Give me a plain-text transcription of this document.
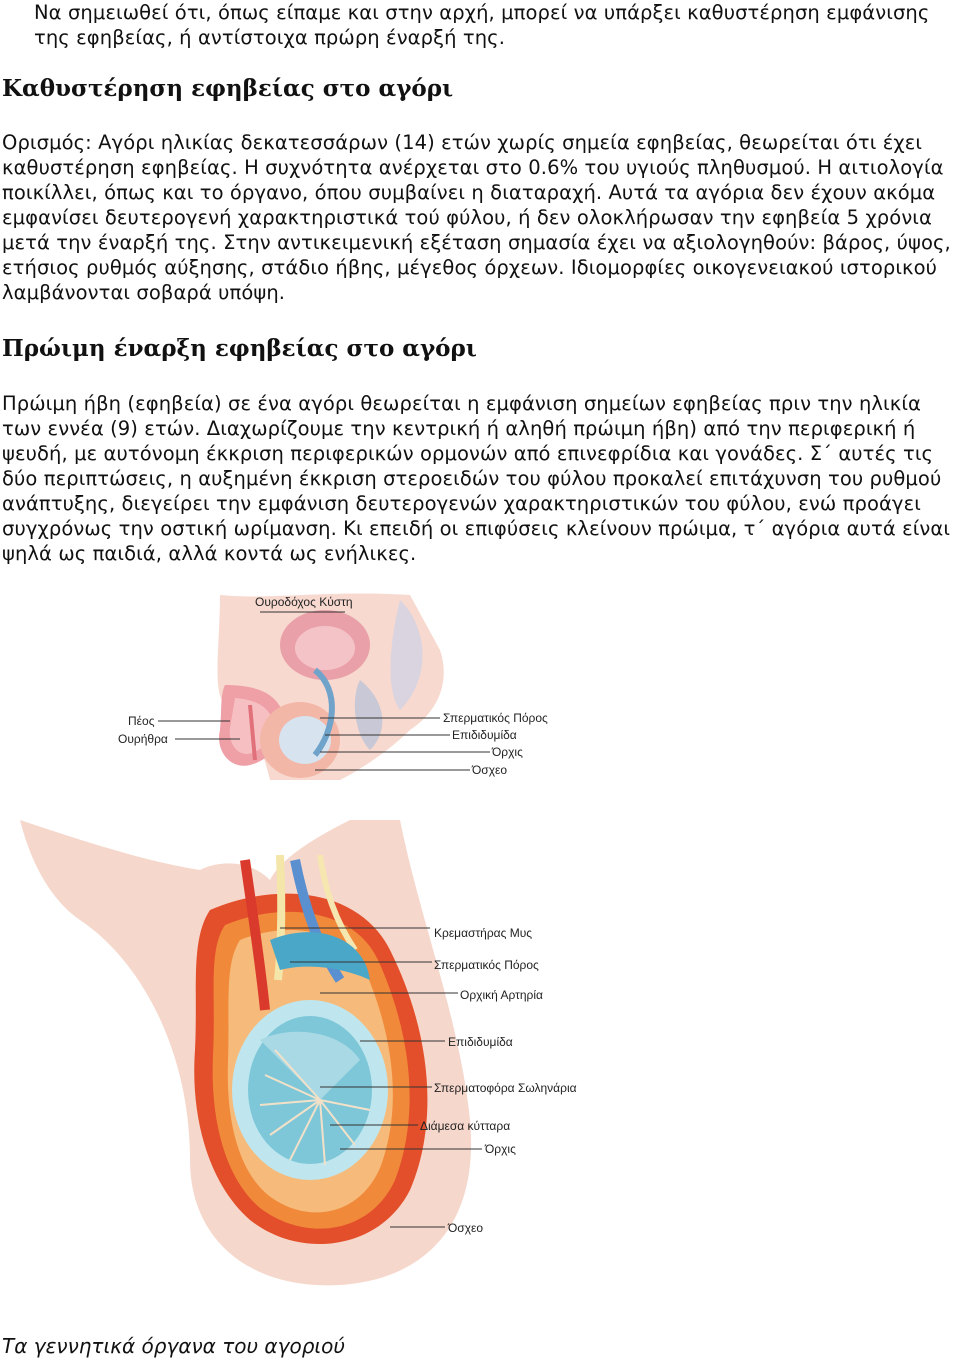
Να σημειωθεί ότι, όπως είπαμε και στην αρχή, μπορεί να υπάρξει καθυστέρηση εμφάνισης της εφηβείας, ή αντίστοιχα πρώρη έναρξή της.

Καθυστέρηση εφηβείας στο αγόρι

Ορισμός: Αγόρι ηλικίας δεκατεσσάρων (14) ετών χωρίς σημεία εφηβείας, θεωρείται ότι έχει καθυστέρηση εφηβείας. Η συχνότητα ανέρχεται στο 0.6% του υγιούς πληθυσμού. Η αιτιολογία ποικίλλει, όπως και το όργανο, όπου συμβαίνει η διαταραχή. Αυτά τα αγόρια δεν έχουν ακόμα εμφανίσει δευτερογενή χαρακτηριστικά τού φύλου, ή δεν ολοκλήρωσαν την εφηβεία 5 χρόνια μετά την έναρξή της. Στην αντικειμενική εξέταση σημασία έχει να αξιολογηθούν: βάρος, ύψος, ετήσιος ρυθμός αύξησης, στάδιο ήβης, μέγεθος όρχεων. Ιδιομορφίες οικογενειακού ιστορικού λαμβάνονται σοβαρά υπόψη.

Πρώιμη έναρξη εφηβείας στο αγόρι

Πρώιμη ήβη (εφηβεία) σε ένα αγόρι θεωρείται η εμφάνιση σημείων εφηβείας πριν την ηλικία των εννέα (9) ετών. Διαχωρίζουμε την κεντρική ή αληθή πρώιμη ήβη) από την περιφερική ή ψευδή, με αυτόνομη έκκριση περιφερικών ορμονών από επινεφρίδια και γονάδες. Σ΄ αυτές τις δύο περιπτώσεις, η αυξημένη έκκριση στεροειδών του φύλου προκαλεί επιτάχυνση του ρυθμού ανάπτυξης, διεγείρει την εμφάνιση δευτερογενών χαρακτηριστικών του φύλου, ενώ προάγει συγχρόνως την οστική ωρίμανση. Κι επειδή οι επιφύσεις κλείνουν πρώιμα, τ΄ αγόρια αυτά είναι ψηλά ως παιδιά, αλλά κοντά ως ενήλικες.

Ουροδόχος Κύστη
Πέος
Ουρήθρα
Σπερματικός Πόρος
Επιδιδυμίδα
Όρχις
Όσχεο
Κρεμαστήρας Μυς
Σπερματικός Πόρος
Ορχική Αρτηρία
Επιδιδυμίδα
Σπερματοφόρα Σωληνάρια
Διάμεσα κύτταρα
Όρχις
Όσχεο

Τα γεννητικά όργανα του αγοριού
